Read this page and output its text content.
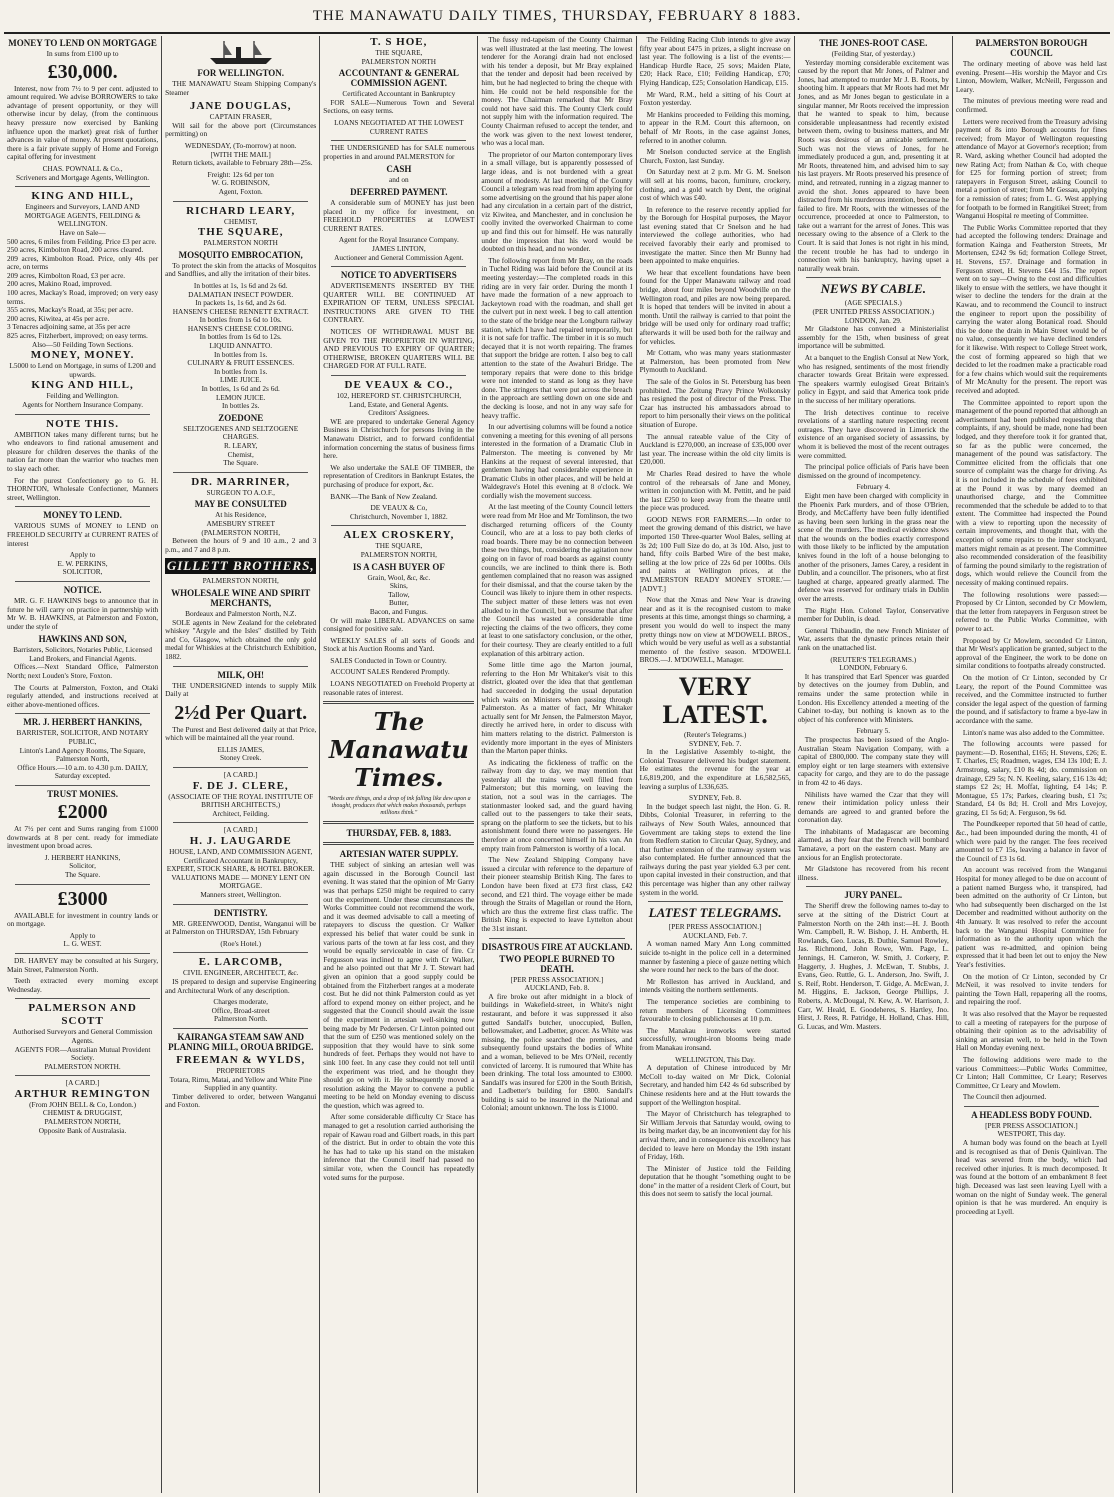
THE MANAWATU DAILY TIMES, THURSDAY, FEBRUARY 8 1883.
MONEY TO LEND ON MORTGAGE
In sums from £100 up to
£30,000.

Interest, now from 7½ to 9 per cent. adjusted to amount required. We advise BORROWERS to take advantage of present opportunity, or they will otherwise incur by delay, (from the continuous heavy pressure now exercised by Banking influence upon the market) great risk of further advances in value of money. At present quotations, there is a fair private supply of Home and Foreign capital offering for investment

CHAS. POWNALL & Co.,
Scriveners and Mortgage Agents, Wellington.
KING AND HILL,
Engineers and Surveyors, LAND AND MORTGAGE AGENTS, FEILDING & WELLINGTON.
Have on Sale—
500 acres, 6 miles from Feilding. Price £3 per acre.
250 acres, Kimbolton Road, 200 acres cleared.
209 acres, Kimbolton Road. Price, only 40s per acre, on terms
209 acres, Kimbolton Road, £3 per acre.
200 acres, Makino Road, improved.
100 acres, Mackay's Road, improved; on very easy terms.
355 acres, Mackay's Road, at 35s; per acre.
200 acres, Kiwitea, at 45s per acre.
3 Tenacres adjoining same, at 35s per acre
825 acres, Fitzherbert, improved; on easy terms.
Also—50 Feilding Town Sections.
MONEY, MONEY.
L5000 to Lend on Mortgage, in sums of L200 and upwards.
KING AND HILL,
Feilding and Wellington.
Agents for Northern Insurance Company.
NOTE THIS.

AMBITION takes many different turns; but he who endeavors to find rational amusement and pleasure for children deserves the thanks of the nation far more than the warrior who teaches men to slay each other.

For the purest Confectionery go to G. H. THORNTON, Wholesale Confectioner, Manners street, Wellington.

MONEY TO LEND.

VARIOUS SUMS of MONEY to LEND on FREEHOLD SECURITY at CURRENT RATES of interest

Apply to
E. W. PERKINS,
SOLICITOR,
NOTICE.

MR. G. F. HAWKINS begs to announce that in future he will carry on practice in partnership with Mr W. B. HAWKINS, at Palmerston and Foxton, under the style of

HAWKINS AND SON,
Barristers, Solicitors, Notaries Public, Licensed Land Brokers, and Financial Agents.

Offices.—Next Standard Office, Palmerston North; next Louden's Store, Foxton.

The Courts at Palmerston, Foxton, and Otaki regularly attended, and instructions received at either above-mentioned offices.

MR. J. HERBERT HANKINS,
BARRISTER, SOLICITOR, AND NOTARY PUBLIC,
Linton's Land Agency Rooms, The Square, Palmerston North,
Office Hours.—10 a.m. to 4.30 p.m. DAILY, Saturday excepted.
TRUST MONIES.
£2000

At 7½ per cent and Sums ranging from £1000 downwards at 8 per cent. ready for immediate investment upon broad acres.

J. HERBERT HANKINS,
Solicitor,
The Square.
£3000

AVAILABLE for investment in country lands or on mortgage.

Apply to
L. G. WEST.

DR. HARVEY may be consulted at his Surgery, Main Street, Palmerston North.

Teeth extracted every morning except Wednesday.

PALMERSON AND SCOTT
Authorised Surveyors and General Commission Agents.
AGENTS FOR—Australian Mutual Provident Society.
PALMERSTON NORTH.
[A CARD.]
ARTHUR REMINGTON
(From JOHN BELL & Co, London.)
CHEMIST & DRUGGIST,
PALMERSTON NORTH,
Opposite Bank of Australasia.
FOR WELLINGTON.

THE MANAWATU Steam Shipping Company's Steamer

JANE DOUGLAS,
CAPTAIN FRASER,

Will sail for the above port (Circumstances permitting) on

WEDNESDAY, (To-morrow) at noon.
[WITH THE MAIL]

Return tickets, available to February 28th—25s.

Freight: 12s 6d per ton
W. G. ROBINSON,
Agent, Foxton.
RICHARD LEARY,
CHEMIST,
THE SQUARE,
PALMERSTON NORTH
MOSQUITO EMBROCATION,

To protect the skin from the attacks of Mosquitos and Sandflies, and ally the irritation of their bites.

In bottles at 1s, 1s 6d and 2s 6d.
DALMATIAN INSECT POWDER.
In packets 1s, 1s 6d, and 2s 6d.
HANSEN'S CHEESE RENNETT EXTRACT.
In bottles from 1s 6d to 10s.
HANSEN'S CHEESE COLORING.
In bottles from 1s 6d to 12s.
LIQUID ANNATTO.
In bottles from 1s.
CULINARY & FRUIT ESSENCES.
In bottles from 1s.
LIME JUICE.
In bottles, 1s 6d and 2s 6d.
LEMON JUICE.
In bottles 2s.
ZOEDONE
SELTZOGENES AND SELTZOGENE CHARGES.
R. LEARY,
Chemist,
The Square.
DR. MARRINER,
SURGEON TO A.O.F.,
MAY BE CONSULTED
At his Residence,
AMESBURY STREET
(PALMERSTON NORTH,

Between the hours of 9 and 10 a.m., 2 and 3 p.m., and 7 and 8 p.m.

GILLETT BROTHERS,
PALMERSTON NORTH,
WHOLESALE WINE AND SPIRIT MERCHANTS,
Bordeaux and Palmerston North, N.Z.

SOLE agents in New Zealand for the celebrated whiskey "Argyle and the Isles" distilled by Teith and Co, Glasgow, which obtained the only gold medal for Whiskies at the Christchurch Exhibition, 1882.

MILK, OH!

THE UNDERSIGNED intends to supply Milk Daily at

2½d Per Quart.

The Purest and Best delivered daily at that Price, which will be maintained all the year round.

ELLIS JAMES,
Stoney Creek.
[A CARD.]
F. DE J. CLERE,
(ASSOCIATE OF THE ROYAL INSTITUTE OF BRITISH ARCHITECTS,)
Architect, Feilding.
[A CARD.]
H. J. LAUGARDE
HOUSE, LAND, AND COMMISSION AGENT,
Certificated Accountant in Bankruptcy,
EXPERT, STOCK SHARE, & HOTEL BROKER.
VALUATIONS MADE — MONEY LENT ON MORTGAGE.
Manners street, Wellington.
DENTISTRY.

MR. GREENWOOD, Dentist, Wanganui will be at Palmerston on THURSDAY, 15th February

(Roe's Hotel.)
E. LARCOMB,
CIVIL ENGINEER, ARCHITECT, &c.

IS prepared to design and supervise Engineering and Architectural Work of any description.

Charges moderate,
Office, Broad-street
Palmerston North.
KAIRANGA STEAM SAW AND PLANING MILL, OROUA BRIDGE.
FREEMAN & WYLDS,
PROPRIETORS
Totara, Rimu, Matai, and Yellow and White Pine
Supplied in any quantity.

Timber delivered to order, between Wanganui and Foxton.

T. S HOE,
THE SQUARE,
PALMERSTON NORTH
ACCOUNTANT & GENERAL COMMISSION AGENT.
Certificated Accountant in Bankruptcy

FOR SALE—Numerous Town and Several Sections, on easy terms.

LOANS NEGOTIATED AT THE LOWEST CURRENT RATES

THE UNDERSIGNED has for SALE numerous properties in and around PALMERSTON for

CASH
and on
DEFERRED PAYMENT.

A considerable sum of MONEY has just been placed in my office for investment, on FREEHOLD PROPERTIES at LOWEST CURRENT RATES.

Agent for the Royal Insurance Company.
JAMES LINTON,
Auctioneer and General Commission Agent.
NOTICE TO ADVERTISERS

ADVERTISEMENTS INSERTED BY THE QUARTER WILL BE CONTINUED AT EXPIRATION OF TERM, UNLESS SPECIAL INSTRUCTIONS ARE GIVEN TO THE CONTRARY.

NOTICES OF WITHDRAWAL MUST BE GIVEN TO THE PROPRIETOR IN WRITING, AND PREVIOUS TO EXPIRY OF QUARTER; OTHERWISE, BROKEN QUARTERS WILL BE CHARGED FOR AT FULL RATE.

DE VEAUX & CO.,
102, HEREFORD ST. CHRISTCHURCH,
Land, Estate, and General Agents.
Creditors' Assignees.

WE are prepared to undertake General Agency Business in Christchurch for persons living in the Manawatu District, and to forward confidential information concerning the status of business firms here.

We also undertake the SALE OF TIMBER, the representation of Creditors in Bankrupt Estates, the purchasing of produce for export, &c.

BANK—The Bank of New Zealand.

DE VEAUX & Co,
Christchurch, November 1, 1882.
ALEX CROSKERY,
THE SQUARE,
PALMERSTON NORTH,
IS A CASH BUYER OF
Grain, Wool, &c, &c.
Skins,
Tallow,
Butter,
Bacon, and Fungus.

Or will make LIBERAL ADVANCES on same consigned for positive sale.

WEEKLY SALES of all sorts of Goods and Stock at his Auction Rooms and Yard.

SALES Conducted in Town or Country.

ACCOUNT SALES Rendered Promptly.

LOANS NEGOTIATED on Freehold Property at reasonable rates of interest.

The Manawatu Times.
"Words are things, and a drop of ink falling like dew upon a thought, produces that which makes thousands, perhaps millions think."
THURSDAY, FEB. 8, 1883.
ARTESIAN WATER SUPPLY.

THE subject of sinking an artesian well was again discussed in the Borough Council last evening. It was stated that the opinion of Mr Garry was that perhaps £250 might be required to carry out the experiment. Under these circumstances the Works Committee could not recommend the work, and it was deemed advisable to call a meeting of ratepayers to discuss the question. Cr Walker expressed his belief that water could be sunk in various parts of the town at far less cost, and they would be equally serviceable in case of fire. Cr Fergusson was inclined to agree with Cr Walker, and he also pointed out that Mr J. T. Stewart had given an opinion that a good supply could be obtained from the Fitzherbert ranges at a moderate cost. But he did not think Palmerston could as yet afford to expend money on either project, and he suggested that the Council should await the issue of the experiment in artesian well-sinking now being made by Mr Pedersen. Cr Linton pointed out that the sum of £250 was mentioned solely on the supposition that they would have to sink some hundreds of feet. Perhaps they would not have to sink 100 feet. In any case they could not tell until the experiment was tried, and he thought they should go on with it. He subsequently moved a resolution asking the Mayor to convene a public meeting to be held on Monday evening to discuss the question, which was agreed to.

After some considerable difficulty Cr Stace has managed to get a resolution carried authorising the repair of Kawau road and Gilbert roads, in this part of the district. But in order to obtain the vote this he has had to take up his stand on the mistaken inference that the Council itself had passed no similar vote, when the Council has repeatedly voted sums for the purpose.

The fussy red-tapeism of the County Chairman was well illustrated at the last meeting. The lowest tenderer for the Aorangi drain had not enclosed with his tender a deposit, but Mr Bray explained that the tender and deposit had been received by him, but he had neglected to bring the cheque with him. He could not be held responsible for the money. The Chairman remarked that Mr Bray could not have said this. The County Clerk could not supply him with the information required. The County Chairman refused to accept the tender, and the work was given to the next lowest tenderer, who was a local man.

The proprietor of our Marton contemporary lives in a small village, but is apparently possessed of large ideas, and is not burdened with a great amount of modesty. At last meeting of the County Council a telegram was read from him applying for some advertising on the ground that his paper alone had any circulation in a certain part of the district, viz Kiwitea, and Manchester, and in conclusion he coolly invited the overworked Chairman to come up and find this out for himself. He was naturally under the impression that his word would be doubted on this head, and no wonder.

The following report from Mr Bray, on the roads in Tuchel Riding was laid before the Council at its meeting yesterday:—The completed roads in this riding are in very fair order. During the month I have made the formation of a new approach to Jackeytown road with the roadman, and shall get the culvert put in next week. I beg to call attention to the state of the bridge near the Longburn railway station, which I have had repaired temporarily, but it is not safe for traffic. The timber in it is so much decayed that it is not worth repairing. The frames that support the bridge are rotten. I also beg to call attention to the state of the Awahuri Bridge. The temporary repairs that were done to this bridge were not intended to stand as long as they have done. The stringers that were put across the breach in the approach are settling down on one side and the decking is loose, and not in any way safe for heavy traffic.

In our advertising columns will be found a notice convening a meeting for this evening of all persons interested in the formation of a Dramatic Club in Palmerston. The meeting is convened by Mr Hankins at the request of several interested, that gentlemen having had considerable experience in Dramatic Clubs in other places, and will be held at Waldegrave's Hotel this evening at 8 o'clock. We cordially wish the movement success.

At the last meeting of the County Council letters were read from Mr Hoe and Mr Tomlinson, the two discharged returning officers of the County Council, who are at a loss to pay both clerks of road boards. There may be no connection between these two things, but, considering the agitation now going on in favor of road boards as against county councils, we are inclined to think there is. Both gentlemen complained that no reason was assigned for their dismissal, and that the course taken by the Council was likely to injure them in other respects. The subject matter of these letters was not even alluded to in the Council, but we presume that after the Council has wasted a considerable time rejecting the claims of the two officers, they come at least to one satisfactory conclusion, or the other, for their courtesy. They are clearly entitled to a full explanation of this arbitrary action.

Some little time ago the Marton journal, referring to the Hon Mr Whitaker's visit to this district, gloated over the idea that that gentleman had succeeded in dodging the usual deputation which waits on Ministers when passing through Palmerston. As a matter of fact, Mr Whitaker actually sent for Mr Jensen, the Palmerston Mayor, directly he arrived here, in order to discuss with him matters relating to the district. Palmerston is evidently more important in the eyes of Ministers than the Marton paper thinks.

As indicating the fickleness of traffic on the railway from day to day, we may mention that yesterday all the trains were well filled from Palmerston; but this morning, on leaving the station, not a soul was in the carriages. The stationmaster looked sad, and the guard having called out to the passengers to take their seats, sprang on the platform to see the tickets, but to his astonishment found there were no passengers. He therefore at once concerned himself in his van. An empty train from Palmerston is worthy of a local.

The New Zealand Shipping Company have issued a circular with reference to the departure of their pioneer steamship British King. The fares to London have been fixed at £73 first class, £42 second, and £21 third. The voyage either be made through the Straits of Magellan or round the Horn, which are thus the extreme first class traffic. The British King is expected to leave Lyttelton about the 31st instant.

DISASTROUS FIRE AT AUCKLAND.
TWO PEOPLE BURNED TO DEATH.
[PER PRESS ASSOCIATION.]
AUCKLAND, Feb. 8.

A fire broke out after midnight in a block of buildings in Wakefield-street, in White's night restaurant, and before it was suppressed it also gutted Sandall's butcher, unoccupied, Bullen, bellowsmaker, and Ladbetter, grocer. As White was missing, the police searched the premises, and subsequently found upstairs the bodies of White and a woman, believed to be Mrs O'Neil, recently convicted of larceny. It is rumoured that White has been drinking. The total loss amounted to £3000. Sandall's was insured for £200 in the South British, and Ladbetter's building for £800. Sandall's building is said to be insured in the National and Colonial; amount unknown. The loss is £1000.

The Feilding Racing Club intends to give away fifty year about £475 in prizes, a slight increase on last year. The following is a list of the events:—Handicap Hurdle Race, 25 sovs; Maiden Plate, £20; Hack Race, £10; Feilding Handicap, £70; Flying Handicap, £25; Consolation Handicap, £15.

Mr Ward, R.M., held a sitting of his Court at Foxton yesterday.

Mr Hankins proceeded to Feilding this morning, to appear in the R.M. Court this afternoon, on behalf of Mr Roots, in the case against Jones, referred to in another column.

Mr Snelson conducted service at the English Church, Foxton, last Sunday.

On Saturday next at 2 p.m. Mr G. M. Snelson will sell at his rooms, bacon, furniture, crockery, clothing, and a gold watch by Dent, the original cost of which was £40.

In reference to the reserve recently applied for by the Borough for Hospital purposes, the Mayor last evening stated that Cr Snelson and he had interviewed the college authorities, who had received favorably their early and promised to investigate the matter. Since then Mr Bunny had been appointed to make enquiries.

We hear that excellent foundations have been found for the Upper Manawatu railway and road bridge, about four miles beyond Woodville on the Wellington road, and piles are now being prepared. It is hoped that tenders will be invited in about a month. Until the railway is carried to that point the bridge will be used only for ordinary road traffic; afterwards it will be used both for the railway and for vehicles.

Mr Cottam, who was many years stationmaster at Palmerston, has been promoted from New Plymouth to Auckland.

The sale of the Golos in St. Petersburg has been prohibited. The Zeitung Pravy Prince Wolkonsky has resigned the post of director of the Press. The Czar has instructed his ambassadors abroad to report to him personally their views on the political situation of Europe.

The annual rateable value of the City of Auckland is £270,000, an increase of £35,000 over last year. The increase within the old city limits is £20,000.

Mr Charles Read desired to have the whole control of the rehearsals of Jane and Money, written in conjunction with M. Pettitt, and he paid the last £250 to keep away from the theatre until the piece was produced.

GOOD NEWS FOR FARMERS.—In order to meet the growing demand of this district, we have imported 150 Three-quarter Wool Bales, selling at 3s 2d; 100 Full Size do do, at 3s 10d. Also, just to hand, fifty coils Barbed Wire of the best make, selling at the low price of 22s 6d per 100lbs. Oils and paints at Wellington prices, at the 'PALMERSTON READY MONEY STORE.'—[ADVT.]

Now that the Xmas and New Year is drawing near and as it is the recognised custom to make presents at this time, amongst things so charming, a present you would do well to inspect the many pretty things now on view at M'DOWELL BROS., which would be very useful as well as a substantial memento of the festive season. M'DOWELL BROS.—J. M'DOWELL, Manager.

VERY LATEST.
(Reuter's Telegrams.)
SYDNEY, Feb. 7.

In the Legislative Assembly to-night, the Colonial Treasurer delivered his budget statement. He estimates the revenue for the year at L6,819,200, and the expenditure at L6,582,565, leaving a surplus of L336,635.

SYDNEY, Feb. 8.

In the budget speech last night, the Hon. G. R. Dibbs, Colonial Treasurer, in referring to the railways of New South Wales, announced that Government are taking steps to extend the line from Redfern station to Circular Quay, Sydney, and that further extension of the tramway system was also contemplated. He further announced that the railways during the past year yielded 6.3 per cent. upon capital invested in their construction, and that this percentage was higher than any other railway system in the world.

LATEST TELEGRAMS.
[PER PRESS ASSOCIATION.]
AUCKLAND, Feb. 7.

A woman named Mary Ann Long committed suicide to-night in the police cell in a determined manner by fastening a piece of gauze netting which she wore round her neck to the bars of the door.

Mr Rolleston has arrived in Auckland, and intends visiting the northern settlements.

The temperance societies are combining to return members of Licensing Committees favourable to closing publichouses at 10 p.m.

The Manakau ironworks were started successfully, wrought-iron blooms being made from Manakau ironsand.

WELLINGTON, This Day.

A deputation of Chinese introduced by Mr McColl to-day waited on Mr Dick, Colonial Secretary, and handed him £42 4s 6d subscribed by Chinese residents here and at the Hutt towards the support of the Wellington hospital.

The Mayor of Christchurch has telegraphed to Sir William Jervois that Saturday would, owing to its being market day, be an inconvenient day for his arrival there, and in consequence his excellency has decided to leave here on Monday the 19th instant of Friday, 16th.

The Minister of Justice told the Feilding deputation that he thought "something ought to be done" in the matter of a resident Clerk of Court, but this does not seem to satisfy the local journal.

THE JONES-ROOT CASE.
(Feilding Star, of yesterday.)

Yesterday morning considerable excitement was caused by the report that Mr Jones, of Palmer and Jones, had attempted to murder Mr J. B. Roots, by shooting him. It appears that Mr Roots had met Mr Jones, and as Mr Jones began to gesticulate in a singular manner, Mr Roots received the impression that he wanted to speak to him, because considerable unpleasantness had recently existed between them, owing to business matters, and Mr Roots was desirous of an amicable settlement. Such was not the views of Jones, for he immediately produced a gun, and, presenting it at Mr Roots, threatened him, and advised him to say his last prayers. Mr Roots preserved his presence of mind, and retreated, running in a zigzag manner to avoid the shot. Jones appeared to have been distracted from his murderous intention, because he failed to fire. Mr Roots, with the witnesses of the occurrence, proceeded at once to Palmerston, to take out a warrant for the arrest of Jones. This was necessary owing to the absence of a Clerk to the Court. It is said that Jones is not right in his mind, the recent trouble he has had to undergo in connection with his bankruptcy, having upset a naturally weak brain.

NEWS BY CABLE.
(AGE SPECIALS.)
(PER UNITED PRESS ASSOCIATION.)
LONDON, Jan. 29.

Mr Gladstone has convened a Ministerialist assembly for the 15th, when business of great importance will be submitted.

At a banquet to the English Consul at New York, who has resigned, sentiments of the most friendly character towards Great Britain were expressed. The speakers warmly eulogised Great Britain's policy in Egypt, and said that America took pride in the success of her military operations.

The Irish detectives continue to receive revelations of a startling nature respecting recent outrages. They have discovered in Limerick the existence of an organised society of assassins, by whom it is believed the most of the recent outrages were committed.

The principal police officials of Paris have been dismissed on the ground of incompetency.

February 4.

Eight men have been charged with complicity in the Phoenix Park murders, and of those O'Brien, Brody, and McCafferty have been fully identified as having been seen lurking in the grass near the scene of the murders. The medical evidence shows that the wounds on the bodies exactly correspond with those likely to be inflicted by the amputation knives found in the loft of a house belonging to another of the prisoners, James Carey, a resident in Dublin, and a councillor. The prisoners, who at first laughed at charge, appeared greatly alarmed. The defence was reserved for ordinary trials in Dublin over the arrests.

The Right Hon. Colonel Taylor, Conservative member for Dublin, is dead.

General Thibaudin, the new French Minister of War, asserts that the dynastic princes retain their rank on the unattached list.

(REUTER'S TELEGRAMS.)
LONDON, February 6.

It has transpired that Earl Spencer was guarded by detectives on the journey from Dublin, and remains under the same protection while in London. His Excellency attended a meeting of the Cabinet to-day, but nothing is known as to the object of his conference with Ministers.

February 5.

The prospectus has been issued of the Anglo-Australian Steam Navigation Company, with a capital of £800,000. The company state they will employ eight or ten large steamers with extensive capacity for cargo, and they are to do the passage in from 42 to 46 days.

Nihilists have warned the Czar that they will renew their intimidation policy unless their demands are agreed to and granted before the coronation day.

The inhabitants of Madagascar are becoming alarmed, as they fear that the French will bombard Tamatave, a port on the eastern coast. Many are anxious for an English protectorate.

Mr Gladstone has recovered from his recent illness.

JURY PANEL.

The Sheriff drew the following names to-day to serve at the sitting of the District Court at Palmerston North on the 24th inst:—H. J. Booth Wm. Campbell, R. W. Bishop, J. H. Amberth, H. Rowlands, Geo. Lucas, B. Duthie, Samuel Rowley, Jas. Richmond, John Rowe, Wm. Page, L. Jennings, H. Cameron, W. Smith, J. Corkery, P. Haggerty, J. Hughes, J. McEwan, T. Stubbs, J. Evans, Geo. Ruttle, G. L. Anderson, Jno. Swift, J. S. Reif, Robt. Henderson, T. Gidge, A. McEwan, J. M. Higgins, E. Jackson, George Phillips, J. Roberts, A. McDougal, N. Kew, A. W. Harrison, J. Carr, W. Heald, E. Goodeheres, S. Hartley, Jno. Hirst, J. Rees, R. Patridge, H. Holland, Chas. Hill, G. Lucas, and Wm. Masters.

PALMERSTON BOROUGH COUNCIL

The ordinary meeting of above was held last evening. Present—His worship the Mayor and Crs Linton, Mowlem, Walker, McNeill, Fergusson and Leary.

The minutes of previous meeting were read and confirmed.

Letters were received from the Treasury advising payment of 8s into Borough accounts for fines received; from Mayor of Wellington requesting attendance of Mayor at Governor's reception; from R. Ward, asking whether Council had adopted the new Rating Act; from Nathan & Co, with cheque for £25 for forming portion of street; from ratepayers in Ferguson Street, asking Council to metal a portion of street; from Mr Gessau, applying for a remission of rates; from L. G. West applying for footpath to be formed in Rangitikei Street; from Wanganui Hospital re meeting of Committee.

The Public Works Committee reported that they had accepted the following tenders: Drainage and formation Kainga and Featherston Streets, Mr Mortensen, £242 9s 6d; formation College Street, H. Stevens, £57. Drainage and formation in Ferguson street, H. Stevens £44 15s. The report went on to say—Owing to the cost and difficulties likely to ensue with the settlers, we have thought it wiser to decline the tenders for the drain at the Kawau, and to recommend the Council to instruct the engineer to report upon the possibility of carrying the water along Botanical road. Should this be done the drain in Main Street would be of no value, consequently we have declined tenders for it likewise. With respect to College Street work, the cost of forming appeared so high that we decided to let the roadmen make a practicable road for a few chains which would suit the requirements of Mr McAnulty for the present. The report was received and adopted.

The Committee appointed to report upon the management of the pound reported that although an advertisement had been published requesting that complaints, if any, should be made, none had been lodged, and they therefore took it for granted that, so far as the public were concerned, the management of the pound was satisfactory. The Committee elicited from the officials that one source of complaint was the charge for driving. As it is not included in the schedule of fees exhibited at the Pound it was by many deemed an unauthorised charge, and the Committee recommended that the schedule be added to to that extent. The Committee had inspected the Pound with a view to reporting upon the necessity of certain improvements, and thought that, with the exception of some repairs to the inner stockyard, matters might remain as at present. The Committee also recommended consideration of the feasibility of farming the pound similarly to the registration of dogs, which would relieve the Council from the necessity of making continued repairs.

The following resolutions were passed:—Proposed by Cr Linton, seconded by Cr Mowlem, that the letter from ratepayers in Ferguson street be referred to the Public Works Committee, with power to act.

Proposed by Cr Mowlem, seconded Cr Linton, that Mr West's application be granted, subject to the approval of the Engineer, the work to be done on similar conditions to footpaths already constructed.

On the motion of Cr Linton, seconded by Cr Leary, the report of the Pound Committee was received, and the Committee instructed to further consider the legal aspect of the question of farming the pound, and if satisfactory to frame a bye-law in accordance with the same.

Linton's name was also added to the Committee.

The following accounts were passed for payment:—D. Rosenthal, £165; H. Stevens, £26; E. T. Charles, £5; Roadmen, wages, £34 13s 10d; E. J. Armstrong, salary, £10 8s 4d; do. commission on drainage, £29 5s; N. N. Keeling, salary, £16 13s 4d; stamps £2 2s; H. Moffat, lighting, £4 14s; P. Montague, £5 17s; Parkes, clearing bush, £1 7s; Standard, £4 0s 8d; H. Croll and Mrs Lovejoy, grazing, £1 5s 6d; A. Ferguson, 9s 6d.

The Poundkeeper reported that 50 head of cattle, &c., had been impounded during the month, 41 of which were paid by the ranger. The fees received amounted to £7 15s, leaving a balance in favor of the Council of £3 1s 6d.

An account was received from the Wanganui Hospital for money alleged to be due on account of a patient named Burgess who, it transpired, had been admitted on the authority of Cr Linton, but who had subsequently been discharged on the 1st December and readmitted without authority on the 4th January. It was resolved to refer the account back to the Wanganui Hospital Committee for information as to the authority upon which the patient was re-admitted, and opinion being expressed that it had been let out to enjoy the New Year's festivities.

On the motion of Cr Linton, seconded by Cr McNeil, it was resolved to invite tenders for painting the Town Hall, repapering all the rooms, and repairing the roof.

It was also resolved that the Mayor be requested to call a meeting of ratepayers for the purpose of obtaining their opinion as to the advisability of sinking an artesian well, to be held in the Town Hall on Monday evening next.

The following additions were made to the various Committees:—Public Works Committee, Cr Linton; Hall Committee, Cr Leary; Reserves Committee, Cr Leary and Mowlem.

The Council then adjourned.

A HEADLESS BODY FOUND.
[PER PRESS ASSOCIATION.]
WESTPORT, This day.

A human body was found on the beach at Lyell and is recognised as that of Denis Quinlivan. The head was severed from the body, which had received other injuries. It is much decomposed. It was found at the bottom of an embankment 8 feet high. Deceased was last seen leaving Lyell with a woman on the night of Sunday week. The general opinion is that he was murdered. An enquiry is proceeding at Lyell.
